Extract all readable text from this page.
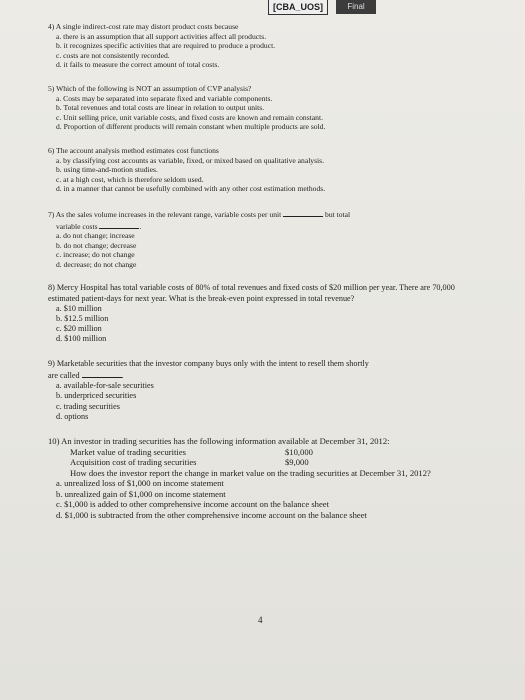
[CBA_UOS]	Final
4) A single indirect-cost rate may distort product costs because
a. there is an assumption that all support activities affect all products.
b. it recognizes specific activities that are required to produce a product.
c. costs are not consistently recorded.
d. it fails to measure the correct amount of total costs.
5) Which of the following is NOT an assumption of CVP analysis?
a. Costs may be separated into separate fixed and variable components.
b. Total revenues and total costs are linear in relation to output units.
c. Unit selling price, unit variable costs, and fixed costs are known and remain constant.
d. Proportion of different products will remain constant when multiple products are sold.
6) The account analysis method estimates cost functions
a. by classifying cost accounts as variable, fixed, or mixed based on qualitative analysis.
b. using time-and-motion studies.
c. at a high cost, which is therefore seldom used.
d. in a manner that cannot be usefully combined with any other cost estimation methods.
7) As the sales volume increases in the relevant range, variable costs per unit	but total
variable costs	.
a. do not change; increase
b. do not change; decrease
c. increase; do not change
d. decrease; do not change
8) Mercy Hospital has total variable costs of 80% of total revenues and fixed costs of $20 million per year. There are 70,000 estimated patient-days for next year. What is the break-even point expressed in total revenue?
a. $10 million
b. $12.5 million
c. $20 million
d. $100 million
9) Marketable securities that the investor company buys only with the intent to resell them shortly
are called	.
a. available-for-sale securities
b. underpriced securities
c. trading securities
d. options
10) An investor in trading securities has the following information available at December 31, 2012:
Market value of trading securities	$10,000
Acquisition cost of trading securities	$9,000
How does the investor report the change in market value on the trading securities at December 31, 2012?
a. unrealized loss of $1,000 on income statement
b. unrealized gain of $1,000 on income statement
c. $1,000 is added to other comprehensive income account on the balance sheet
d. $1,000 is subtracted from the other comprehensive income account on the balance sheet
4
